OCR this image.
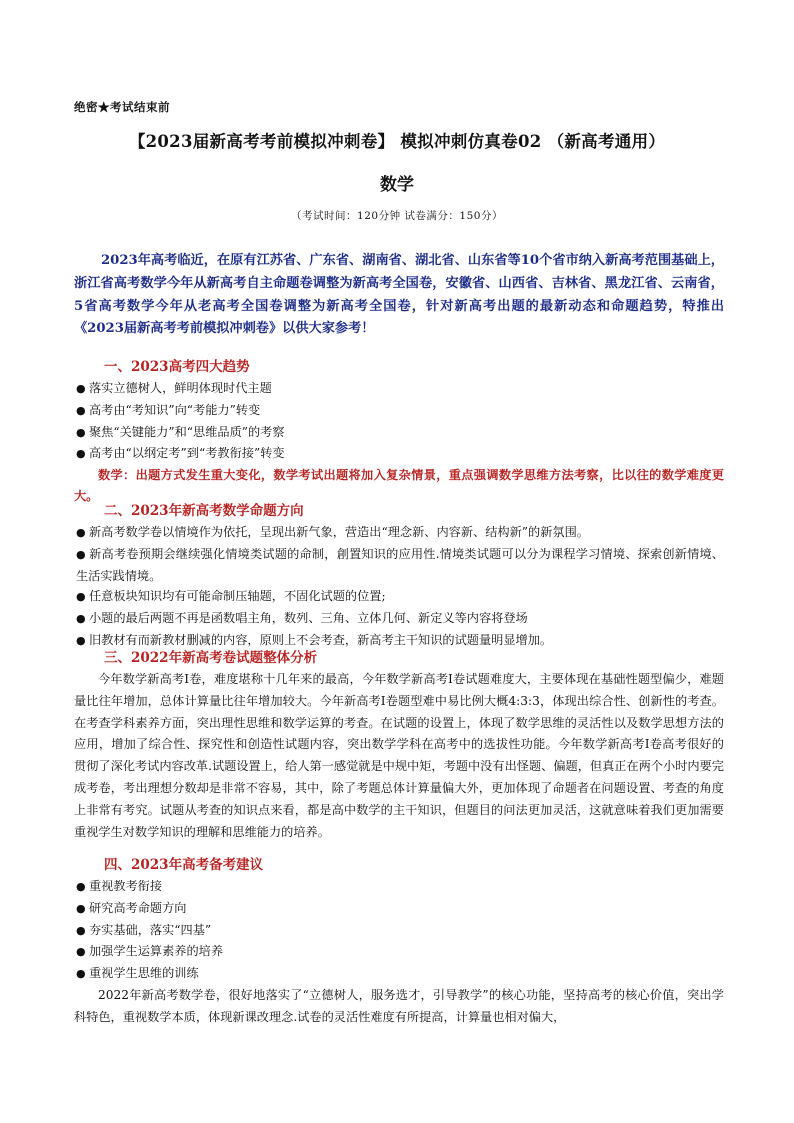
绝密★考试结束前
【2023届新高考考前模拟冲刺卷】 模拟冲刺仿真卷02 （新高考通用）
数学
（考试时间：120分钟 试卷满分：150分）
2023年高考临近，在原有江苏省、广东省、湖南省、湖北省、山东省等10个省市纳入新高考范围基础上，浙江省高考数学今年从新高考自主命题卷调整为新高考全国卷，安徽省、山西省、吉林省、黑龙江省、云南省，5省高考数学今年从老高考全国卷调整为新高考全国卷，针对新高考出题的最新动态和命题趋势，特推出《2023届新高考考前模拟冲刺卷》以供大家参考！
一、2023高考四大趋势
● 落实立德树人，鲜明体现时代主题
● 高考由“考知识”向“考能力”转变
● 聚焦“关键能力”和“思维品质”的考察
● 高考由“以纲定考”到“考教衔接”转变
数学：出题方式发生重大变化，数学考试出题将加入复杂情景，重点强调数学思维方法考察，比以往的数学难度更大。
二、2023年新高考数学命题方向
● 新高考数学卷以情境作为依托，呈现出新气象，营造出“理念新、内容新、结构新”的新氛围。
● 新高考卷预期会继续强化情境类试题的命制，創置知识的应用性.情境类试题可以分为课程学习情境、探索创新情境、生活实践情境。
● 任意板块知识均有可能命制压轴题，不固化试题的位置;
● 小题的最后两题不再是函数唱主角，数列、三角、立体几何、新定义等内容将登场
● 旧教材有而新教材删减的内容，原则上不会考查，新高考主干知识的试题量明显增加。
三、2022年新高考卷试题整体分析
今年数学新高考Ⅰ卷，难度堪称十几年来的最高，今年数学新高考Ⅰ卷试题难度大，主要体现在基础性题型偏少，难题量比往年增加，总体计算量比往年增加较大。今年新高考Ⅰ卷题型难中易比例大概4:3:3，体现出综合性、创新性的考查。在考查学科素养方面，突出理性思维和数学运算的考查。在试题的设置上，体现了数学思维的灵活性以及数学思想方法的应用，增加了综合性、探究性和创造性试题内容，突出数学学科在高考中的选拔性功能。今年数学新高考Ⅰ卷高考很好的贯彻了深化考试内容改革.试题设置上，给人第一感觉就是中规中矩，考题中没有出怪题、偏题，但真正在两个小时内要完成考卷，考出理想分数却是非常不容易，其中，除了考题总体计算量偏大外，更加体现了命题者在问题设置、考查的角度上非常有考究。试题从考查的知识点来看，都是高中数学的主干知识，但题目的问法更加灵活，这就意味着我们更加需要重视学生对数学知识的理解和思维能力的培养。
四、2023年高考备考建议
● 重视教考衔接
● 研究高考命题方向
● 夯实基础，落实“四基”
● 加强学生运算素养的培养
● 重视学生思维的训练
2022年新高考数学卷，很好地落实了“立德树人，服务选才，引导教学”的核心功能，坚持高考的核心价值，突出学科特色，重视数学本质，体现新课改理念.试卷的灵活性难度有所提高，计算量也相对偏大，
